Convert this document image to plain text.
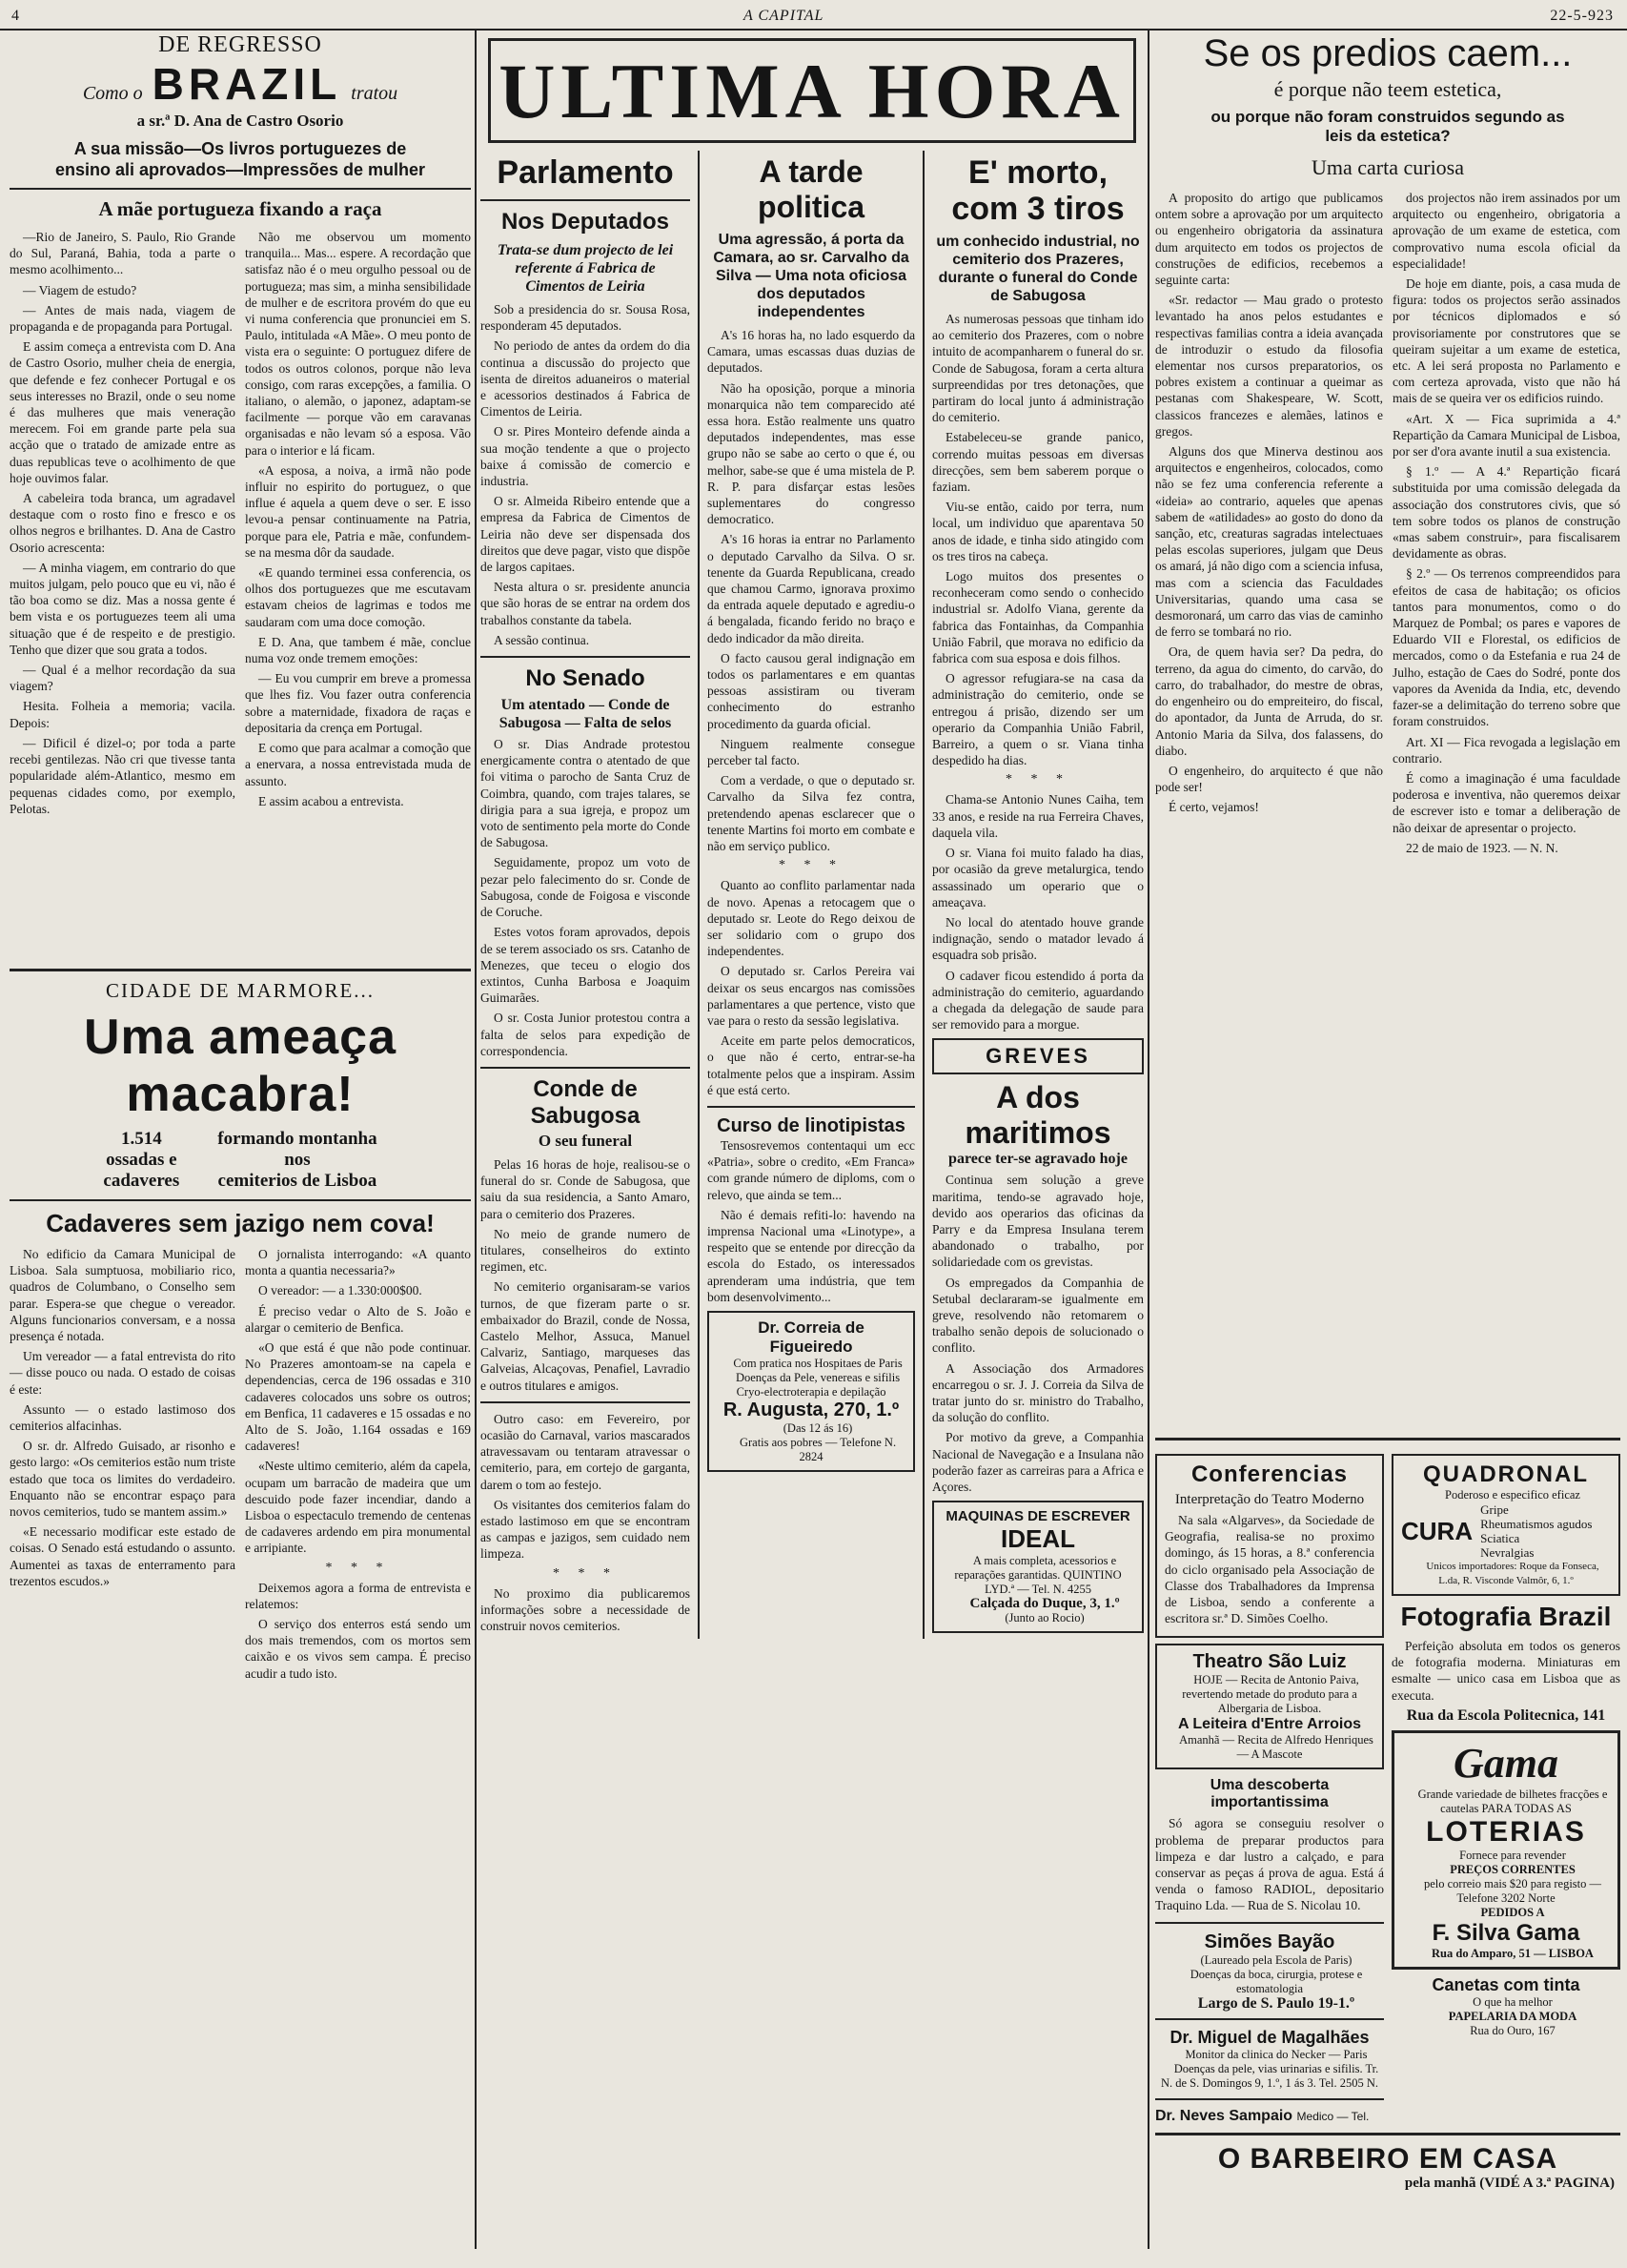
4	A CAPITAL	22-5-923
DE REGRESSO
Como o BRAZIL tratou
a sr.ª D. Ana de Castro Osorio
A sua missão—Os livros portuguezes de ensino ali aprovados—Impressões de mulher
A mãe portugueza fixando a raça

—Rio de Janeiro, S. Paulo, Rio Grande do Sul, Paraná, Bahia, toda a parte o mesmo acolhimento...

— Viagem de estudo?

— Antes de mais nada, viagem de propaganda e de propaganda para Portugal.

E assim começa a entrevista com D. Ana de Castro Osorio, mulher cheia de energia, que defende e fez conhecer Portugal e os seus interesses no Brazil, onde o seu nome é das mulheres que mais veneração merecem. Foi em grande parte pela sua acção que o tratado de amizade entre as duas republicas teve o acolhimento de que hoje ouvimos falar.

A cabeleira toda branca, um agradavel destaque com o rosto fino e fresco e os olhos negros e brilhantes. D. Ana de Castro Osorio acrescenta:

— A minha viagem, em contrario do que muitos julgam, pelo pouco que eu vi, não é tão boa como se diz. Mas a nossa gente é bem vista e os portuguezes teem ali uma situação que é de respeito e de prestigio. Tenho que dizer que sou grata a todos.

— Qual é a melhor recordação da sua viagem?

Hesita. Folheia a memoria; vacila. Depois:

— Dificil é dizel-o; por toda a parte recebi gentilezas. Não cri que tivesse tanta popularidade além-Atlantico, mesmo em pequenas cidades como, por exemplo, Pelotas.

Não me observou um momento tranquila... Mas... espere. A recordação que satisfaz não é o meu orgulho pessoal ou de portugueza; mas sim, a minha sensibilidade de mulher e de escritora provém do que eu vi numa conferencia que pronunciei em S. Paulo, intitulada «A Mãe». O meu ponto de vista era o seguinte: O portuguez difere de todos os outros colonos, porque não leva consigo, com raras excepções, a familia. O italiano, o alemão, o japonez, adaptam-se facilmente — porque vão em caravanas organisadas e não levam só a esposa. Vão para o interior e lá ficam.

«A esposa, a noiva, a irmã não pode influir no espirito do portuguez, o que influe é aquela a quem deve o ser. E isso levou-a pensar continuamente na Patria, porque para ele, Patria e mãe, confundem-se na mesma dôr da saudade.

«E quando terminei essa conferencia, os olhos dos portuguezes que me escutavam estavam cheios de lagrimas e todos me saudaram com uma doce comoção.

E D. Ana, que tambem é mãe, conclue numa voz onde tremem emoções:

— Eu vou cumprir em breve a promessa que lhes fiz. Vou fazer outra conferencia sobre a maternidade, fixadora de raças e depositaria da crença em Portugal.

E como que para acalmar a comoção que a enervara, a nossa entrevistada muda de assunto.

E assim acabou a entrevista.

CIDADE DE MARMORE...
Uma ameaça macabra!
1.514
ossadas e
cadaveres
formando montanha
nos
cemiterios de Lisboa
Cadaveres sem jazigo nem cova!

No edificio da Camara Municipal de Lisboa. Sala sumptuosa, mobiliario rico, quadros de Columbano, o Conselho sem parar. Espera-se que chegue o vereador. Alguns funcionarios conversam, e a nossa presença é notada.

Um vereador — a fatal entrevista do rito — disse pouco ou nada. O estado de coisas é este:

Assunto — o estado lastimoso dos cemiterios alfacinhas.

O sr. dr. Alfredo Guisado, ar risonho e gesto largo: «Os cemiterios estão num triste estado que toca os limites do verdadeiro. Enquanto não se encontrar espaço para novos cemiterios, tudo se mantem assim.»

«E necessario modificar este estado de coisas. O Senado está estudando o assunto. Aumentei as taxas de enterramento para trezentos escudos.»

O jornalista interrogando: «A quanto monta a quantia necessaria?»

O vereador: — a 1.330:000$00.

É preciso vedar o Alto de S. João e alargar o cemiterio de Benfica.

«O que está é que não pode continuar. No Prazeres amontoam-se na capela e dependencias, cerca de 196 ossadas e 310 cadaveres colocados uns sobre os outros; em Benfica, 11 cadaveres e 15 ossadas e no Alto de S. João, 1.164 ossadas e 169 cadaveres!

«Neste ultimo cemiterio, além da capela, ocupam um barracão de madeira que um descuido pode fazer incendiar, dando a Lisboa o espectaculo tremendo de centenas de cadaveres ardendo em pira monumental e arripiante.

* * *

Deixemos agora a forma de entrevista e relatemos:

O serviço dos enterros está sendo um dos mais tremendos, com os mortos sem caixão e os vivos sem campa. É preciso acudir a tudo isto.

ULTIMA HORA
Parlamento
Nos Deputados
Trata-se dum projecto de lei referente á Fabrica de Cimentos de Leiria

Sob a presidencia do sr. Sousa Rosa, responderam 45 deputados.

No periodo de antes da ordem do dia continua a discussão do projecto que isenta de direitos aduaneiros o material e acessorios destinados á Fabrica de Cimentos de Leiria.

O sr. Pires Monteiro defende ainda a sua moção tendente a que o projecto baixe á comissão de comercio e industria.

O sr. Almeida Ribeiro entende que a empresa da Fabrica de Cimentos de Leiria não deve ser dispensada dos direitos que deve pagar, visto que dispõe de largos capitaes.

Nesta altura o sr. presidente anuncia que são horas de se entrar na ordem dos trabalhos constante da tabela.

A sessão continua.

No Senado
Um atentado — Conde de Sabugosa — Falta de selos

O sr. Dias Andrade protestou energicamente contra o atentado de que foi vitima o parocho de Santa Cruz de Coimbra, quando, com trajes talares, se dirigia para a sua igreja, e propoz um voto de sentimento pela morte do Conde de Sabugosa.

Seguidamente, propoz um voto de pezar pelo falecimento do sr. Conde de Sabugosa, conde de Foigosa e visconde de Coruche.

Estes votos foram aprovados, depois de se terem associado os srs. Catanho de Menezes, que teceu o elogio dos extintos, Cunha Barbosa e Joaquim Guimarães.

O sr. Costa Junior protestou contra a falta de selos para expedição de correspondencia.

Conde de Sabugosa
O seu funeral

Pelas 16 horas de hoje, realisou-se o funeral do sr. Conde de Sabugosa, que saiu da sua residencia, a Santo Amaro, para o cemiterio dos Prazeres.

No meio de grande numero de titulares, conselheiros do extinto regimen, etc.

No cemiterio organisaram-se varios turnos, de que fizeram parte o sr. embaixador do Brazil, conde de Nossa, Castelo Melhor, Assuca, Manuel Calvariz, Santiago, marqueses das Galveias, Alcaçovas, Penafiel, Lavradio e outros titulares e amigos.

Outro caso: em Fevereiro, por ocasião do Carnaval, varios mascarados atravessavam ou tentaram atravessar o cemiterio, para, em cortejo de garganta, darem o tom ao festejo.

Os visitantes dos cemiterios falam do estado lastimoso em que se encontram as campas e jazigos, sem cuidado nem limpeza.

* * *

No proximo dia publicaremos informações sobre a necessidade de construir novos cemiterios.

A tarde politica
Uma agressão, á porta da Camara, ao sr. Carvalho da Silva — Uma nota oficiosa dos deputados independentes

A's 16 horas ha, no lado esquerdo da Camara, umas escassas duas duzias de deputados.

Não ha oposição, porque a minoria monarquica não tem comparecido até essa hora. Estão realmente uns quatro deputados independentes, mas esse grupo não se sabe ao certo o que é, ou melhor, sabe-se que é uma mistela de P. R. P. para disfarçar estas lesões suplementares do congresso democratico.

A's 16 horas ia entrar no Parlamento o deputado Carvalho da Silva. O sr. tenente da Guarda Republicana, creado que chamou Carmo, ignorava proximo da entrada aquele deputado e agrediu-o á bengalada, ficando ferido no braço e dedo indicador da mão direita.

O facto causou geral indignação em todos os parlamentares e em quantas pessoas assistiram ou tiveram conhecimento do estranho procedimento da guarda oficial.

Ninguem realmente consegue perceber tal facto.

Com a verdade, o que o deputado sr. Carvalho da Silva fez contra, pretendendo apenas esclarecer que o tenente Martins foi morto em combate e não em serviço publico.

* * *

Quanto ao conflito parlamentar nada de novo. Apenas a retocagem que o deputado sr. Leote do Rego deixou de ser solidario com o grupo dos independentes.

O deputado sr. Carlos Pereira vai deixar os seus encargos nas comissões parlamentares a que pertence, visto que vae para o resto da sessão legislativa.

Aceite em parte pelos democraticos, o que não é certo, entrar-se-ha totalmente pelos que a inspiram. Assim é que está certo.

Curso de linotipistas

Tensosrevemos contentaqui um ecc «Patria», sobre o credito, «Em Franca» com grande número de diploms, com o relevo, que ainda se tem...

Não é demais refiti-lo: havendo na imprensa Nacional uma «Linotype», a respeito que se entende por direcção da escola do Estado, os interessados aprenderam uma indústria, que tem bom desenvolvimento...

Dr. Correia de Figueiredo

Com pratica nos Hospitaes de Paris

Doenças da Pele, venereas e sifilis Cryo-electroterapia e depilação

R. Augusta, 270, 1.º

(Das 12 ás 16)

Gratis aos pobres — Telefone N. 2824

E' morto, com 3 tiros
um conhecido industrial, no cemiterio dos Prazeres, durante o funeral do Conde de Sabugosa

As numerosas pessoas que tinham ido ao cemiterio dos Prazeres, com o nobre intuito de acompanharem o funeral do sr. Conde de Sabugosa, foram a certa altura surpreendidas por tres detonações, que partiram do local junto á administração do cemiterio.

Estabeleceu-se grande panico, correndo muitas pessoas em diversas direcções, sem bem saberem porque o faziam.

Viu-se então, caido por terra, num local, um individuo que aparentava 50 anos de idade, e tinha sido atingido com os tres tiros na cabeça.

Logo muitos dos presentes o reconheceram como sendo o conhecido industrial sr. Adolfo Viana, gerente da fabrica das Fontainhas, da Companhia União Fabril, que morava no edificio da fabrica com sua esposa e dois filhos.

O agressor refugiara-se na casa da administração do cemiterio, onde se entregou á prisão, dizendo ser um operario da Companhia União Fabril, Barreiro, a quem o sr. Viana tinha despedido ha dias.

* * *

Chama-se Antonio Nunes Caiha, tem 33 anos, e reside na rua Ferreira Chaves, daquela vila.

O sr. Viana foi muito falado ha dias, por ocasião da greve metalurgica, tendo assassinado um operario que o ameaçava.

No local do atentado houve grande indignação, sendo o matador levado á esquadra sob prisão.

O cadaver ficou estendido á porta da administração do cemiterio, aguardando a chegada da delegação de saude para ser removido para a morgue.

GREVES
A dos maritimos
parece ter-se agravado hoje

Continua sem solução a greve maritima, tendo-se agravado hoje, devido aos operarios das oficinas da Parry e da Empresa Insulana terem abandonado o trabalho, por solidariedade com os grevistas.

Os empregados da Companhia de Setubal declararam-se igualmente em greve, resolvendo não retomarem o trabalho senão depois de solucionado o conflito.

A Associação dos Armadores encarregou o sr. J. J. Correia da Silva de tratar junto do sr. ministro do Trabalho, da solução do conflito.

Por motivo da greve, a Companhia Nacional de Navegação e a Insulana não poderão fazer as carreiras para a Africa e Açores.

MAQUINAS DE ESCREVER
IDEAL

A mais completa, acessorios e reparações garantidas. QUINTINO LYD.ª — Tel. N. 4255

Calçada do Duque, 3, 1.º

(Junto ao Rocio)

Se os predios caem...
é porque não teem estetica,
ou porque não foram construidos segundo as leis da estetica?
Uma carta curiosa

A proposito do artigo que publicamos ontem sobre a aprovação por um arquitecto ou engenheiro obrigatoria da assinatura dum arquitecto em todos os projectos de construções de edificios, recebemos a seguinte carta:

«Sr. redactor — Mau grado o protesto levantado ha anos pelos estudantes e respectivas familias contra a ideia avançada de introduzir o estudo da filosofia elementar nos cursos preparatorios, os pobres existem a continuar a queimar as pestanas com Shakespeare, W. Scott, classicos francezes e alemães, latinos e gregos.

Alguns dos que Minerva destinou aos arquitectos e engenheiros, colocados, como não se fez uma conferencia referente a «ideia» ao contrario, aqueles que apenas sabem de «atilidades» ao gosto do dono da sanção, etc, creaturas sagradas intelectuaes pelas escolas superiores, julgam que Deus os amará, já não digo com a sciencia infusa, mas com a sciencia das Faculdades Universitarias, quando uma casa se desmoronará, um carro das vias de caminho de ferro se tombará no rio.

Ora, de quem havia ser? Da pedra, do terreno, da agua do cimento, do carvão, do carro, do trabalhador, do mestre de obras, do engenheiro ou do empreiteiro, do fiscal, do apontador, da Junta de Arruda, do sr. Antonio Maria da Silva, dos falassens, do diabo.

O engenheiro, do arquitecto é que não pode ser!

É certo, vejamos!

dos projectos não irem assinados por um arquitecto ou engenheiro, obrigatoria a aprovação de um exame de estetica, com comprovativo numa escola oficial da especialidade!

De hoje em diante, pois, a casa muda de figura: todos os projectos serão assinados por técnicos diplomados e só provisoriamente por construtores que se queiram sujeitar a um exame de estetica, etc. A lei será proposta no Parlamento e com certeza aprovada, visto que não há mais de se queira ver os edificios ruindo.

«Art. X — Fica suprimida a 4.ª Repartição da Camara Municipal de Lisboa, por ser d'ora avante inutil a sua existencia.

§ 1.º — A 4.ª Repartição ficará substituida por uma comissão delegada da associação dos construtores civis, que só tem sobre todos os planos de construção «mas sabem construir», para fiscalisarem devidamente as obras.

§ 2.º — Os terrenos compreendidos para efeitos de casa de habitação; os oficios tantos para monumentos, como o do Marquez de Pombal; os pares e vapores de Eduardo VII e Florestal, os edificios de mercados, como o da Estefania e rua 24 de Julho, estação de Caes do Sodré, ponte dos vapores da Avenida da India, etc, devendo fazer-se a delimitação do terreno sobre que foram construidos.

Art. XI — Fica revogada a legislação em contrario.

É como a imaginação é uma faculdade poderosa e inventiva, não queremos deixar de escrever isto e tomar a deliberação de não deixar de apresentar o projecto.

22 de maio de 1923. — N. N.

Conferencias
Interpretação do Teatro Moderno

Na sala «Algarves», da Sociedade de Geografia, realisa-se no proximo domingo, ás 15 horas, a 8.ª conferencia do ciclo organisado pela Associação de Classe dos Trabalhadores da Imprensa de Lisboa, sendo a conferente a escritora sr.ª D. Simões Coelho.

Theatro São Luiz

HOJE — Recita de Antonio Paiva, revertendo metade do produto para a Albergaria de Lisboa.

A Leiteira d'Entre Arroios

Amanhã — Recita de Alfredo Henriques — A Mascote

Uma descoberta importantissima

Só agora se conseguiu resolver o problema de preparar productos para limpeza e dar lustro a calçado, e para conservar as peças á prova de agua. Está á venda o famoso RADIOL, depositario Traquino Lda. — Rua de S. Nicolau 10.

Simões Bayão

(Laureado pela Escola de Paris)

Doenças da boca, cirurgia, protese e estomatologia

Largo de S. Paulo 19-1.º

Dr. Miguel de Magalhães

Monitor da clinica do Necker — Paris

Doenças da pele, vias urinarias e sifilis. Tr. N. de S. Domingos 9, 1.º, 1 ás 3. Tel. 2505 N.

Dr. Neves Sampaio Medico — Tel.
QUADRONAL

Poderoso e especifico eficaz

CURA
Gripe
Rheumatismos agudos
Sciatica
Nevralgias

Unicos importadores: Roque da Fonseca, L.da, R. Visconde Valmôr, 6, 1.º

Fotografia Brazil

Perfeição absoluta em todos os generos de fotografia moderna. Miniaturas em esmalte — unico casa em Lisboa que as executa.

Rua da Escola Politecnica, 141
Gama

Grande variedade de bilhetes fracções e cautelas PARA TODAS AS

LOTERIAS

Fornece para revender

PREÇOS CORRENTES

pelo correio mais $20 para registo — Telefone 3202 Norte

PEDIDOS A

F. Silva Gama

Rua do Amparo, 51 — LISBOA

Canetas com tinta

O que ha melhor

PAPELARIA DA MODA

Rua do Ouro, 167

O BARBEIRO EM CASA
pela manhã (VIDÉ A 3.ª PAGINA)
